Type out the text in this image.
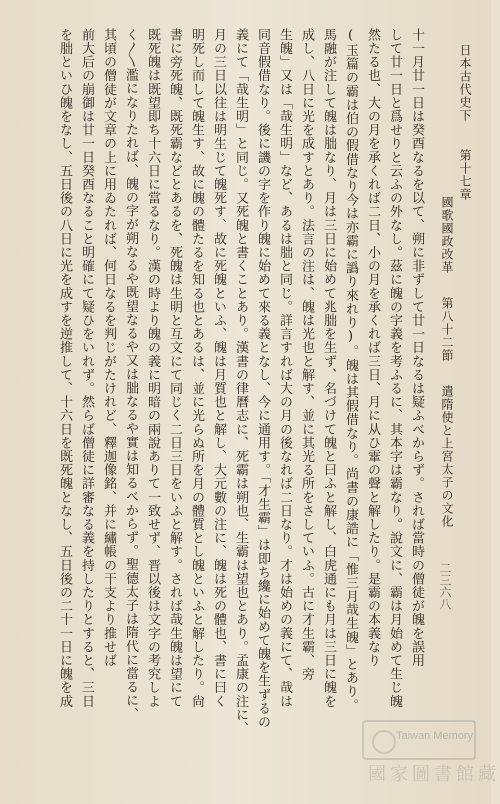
日本古代史下 第十七章
國歌國政改革 第八十二節 遣隋使と上宮太子の文化
二三六八
十一月廿一日は癸酉なるを以て、朔に非ずして廿一日なるは疑ふべからず。されば當時の僧徒が魄を誤用
して廿一日と爲せりと云ふの外なし。茲に魄の字義を考ふるに、其本字は霸なり。說文に、霸は月始めて生じ魄
然たる也、大の月を承くれば二日、小の月を承くれば三日、月に从ひ䨣の聲と解したり。是霸の本義なり
(玉篇の霸は伯の假借なり今は亦霸に譌り來れり)。魄は其假借なり。尚書の康誥に「惟三月哉生魄」とあり。
馬融が注して魄は朏なり、月は三日に始めて兆朏を生ず、名づけて魄と曰ふと解し、白虎通にも月は三日に魄を
成し、八日に光を成すとあり。法言の注は、魄は光也と解す、並に其光る所をさしていふ。古に才生霸、旁
生魄」又は「哉生明」など、あるは朏と同じ。詳言すれば大の月の後なれば二日なり。才は始めの義にて、哉は
同音假借なり。後に譏の字を作り魄に始めて來る義となし、今に通用す。「才生霸」は即ち纔に始めて魄を生ずるの
義にて「哉生明」と同じ。又死魄と書くことあり。漢書の律曆志に、死霸は朔也、生霸は望也とあり。孟康の注に、
月の三日以往は明生じて魄死す、故に死魄といふ、魄は月質也と解し、大元數の注に、魄は死の體也、書に曰く
明死し而して魄生す、故に魄の體たるを知る也とあるは、並に光らぬ所を月の體質とし魄といふと解したり。尙
書に旁死魄、既死霸などとあるを、死魄は生明と互文にて同じく二日三日をいふと解す。されば哉生魄は望にて
既死魄は既望即ち十六日に當るなり。漢の時より魄の義に明暗の兩說ありて一致せず、晋以後は文字の考究しよ
く〳〵濫になりたれば、魄の字が朔なるや既望なるや又は朏なるや實は知るべからず。聖德太子は隋代に當るに、
其頃の僧徒が文章の上に用ゐたれば、何日なるを判じがたけれど、釋迦像銘、并に繡帳の干支より推せば
前大后の崩御は廿一日癸酉なること明確にて疑ひをいれず。然らば僧徒に詳審なる義を持したりとすると、三日
を朏といひ魄をなし、五日後の八日に光を成すを逆推して、十六日を既死魄となし、五日後の二十一日に魄を成
Taiwan Memory
國家圖書館藏
